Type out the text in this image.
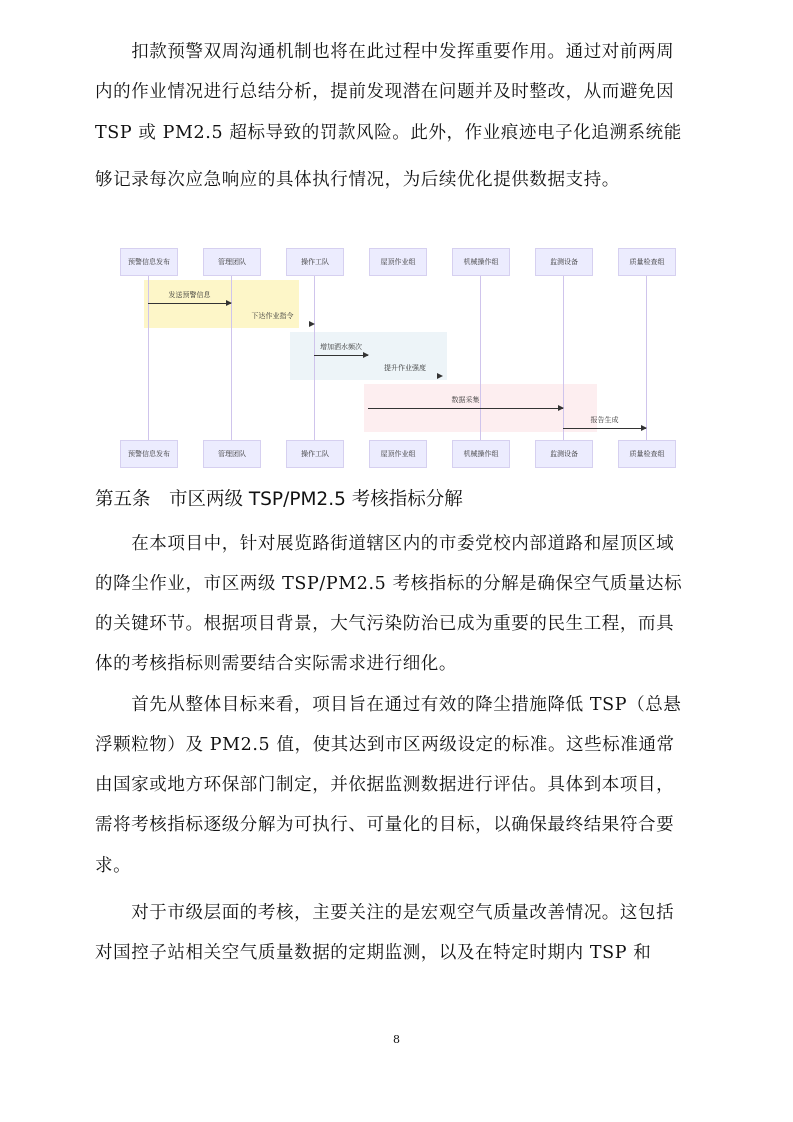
　　扣款预警双周沟通机制也将在此过程中发挥重要作用。通过对前两周
内的作业情况进行总结分析，提前发现潜在问题并及时整改，从而避免因
TSP 或 PM2.5 超标导致的罚款风险。此外，作业痕迹电子化追溯系统能
够记录每次应急响应的具体执行情况，为后续优化提供数据支持。
预警信息发布
预警信息发布
管理团队
管理团队
操作工队
操作工队
屋顶作业组
屋顶作业组
机械操作组
机械操作组
监测设备
监测设备
质量检查组
质量检查组
发送预警信息
下达作业指令
增加洒水频次
提升作业强度
数据采集
报告生成
第五条　市区两级 TSP/PM2.5 考核指标分解
　　在本项目中，针对展览路街道辖区内的市委党校内部道路和屋顶区域
的降尘作业，市区两级 TSP/PM2.5 考核指标的分解是确保空气质量达标
的关键环节。根据项目背景，大气污染防治已成为重要的民生工程，而具
体的考核指标则需要结合实际需求进行细化。
　　首先从整体目标来看，项目旨在通过有效的降尘措施降低 TSP（总悬
浮颗粒物）及 PM2.5 值，使其达到市区两级设定的标准。这些标准通常
由国家或地方环保部门制定，并依据监测数据进行评估。具体到本项目，
需将考核指标逐级分解为可执行、可量化的目标，以确保最终结果符合要
求。
　　对于市级层面的考核，主要关注的是宏观空气质量改善情况。这包括
对国控子站相关空气质量数据的定期监测，以及在特定时期内 TSP 和
8
